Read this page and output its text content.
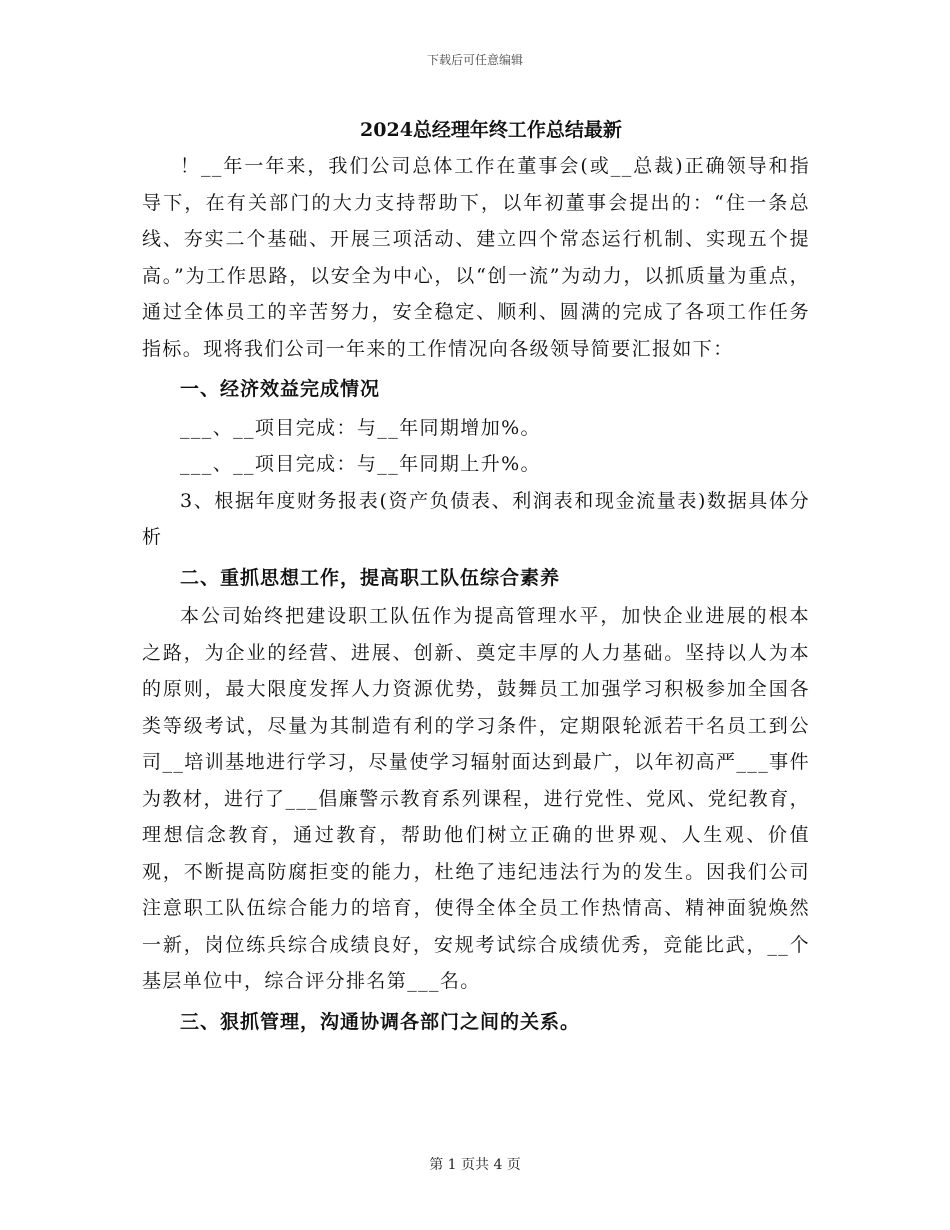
下载后可任意编辑
2024总经理年终工作总结最新

！__年一年来，我们公司总体工作在董事会(或__总裁)正确领导和指导下，在有关部门的大力支持帮助下，以年初董事会提出的：“住一条总线、夯实二个基础、开展三项活动、建立四个常态运行机制、实现五个提高。”为工作思路，以安全为中心，以“创一流”为动力，以抓质量为重点，通过全体员工的辛苦努力，安全稳定、顺利、圆满的完成了各项工作任务指标。现将我们公司一年来的工作情况向各级领导简要汇报如下：

一、经济效益完成情况

___、__项目完成：与__年同期增加%。

___、__项目完成：与__年同期上升%。

3、根据年度财务报表(资产负债表、利润表和现金流量表)数据具体分析

二、重抓思想工作，提高职工队伍综合素养

本公司始终把建设职工队伍作为提高管理水平，加快企业进展的根本之路，为企业的经营、进展、创新、奠定丰厚的人力基础。坚持以人为本的原则，最大限度发挥人力资源优势，鼓舞员工加强学习积极参加全国各类等级考试，尽量为其制造有利的学习条件，定期限轮派若干名员工到公司__培训基地进行学习，尽量使学习辐射面达到最广，以年初高严___事件为教材，进行了___倡廉警示教育系列课程，进行党性、党风、党纪教育，理想信念教育，通过教育，帮助他们树立正确的世界观、人生观、价值观，不断提高防腐拒变的能力，杜绝了违纪违法行为的发生。因我们公司注意职工队伍综合能力的培育，使得全体全员工作热情高、精神面貌焕然一新，岗位练兵综合成绩良好，安规考试综合成绩优秀，竞能比武，__个基层单位中，综合评分排名第___名。

三、狠抓管理，沟通协调各部门之间的关系。
第 1 页共 4 页
